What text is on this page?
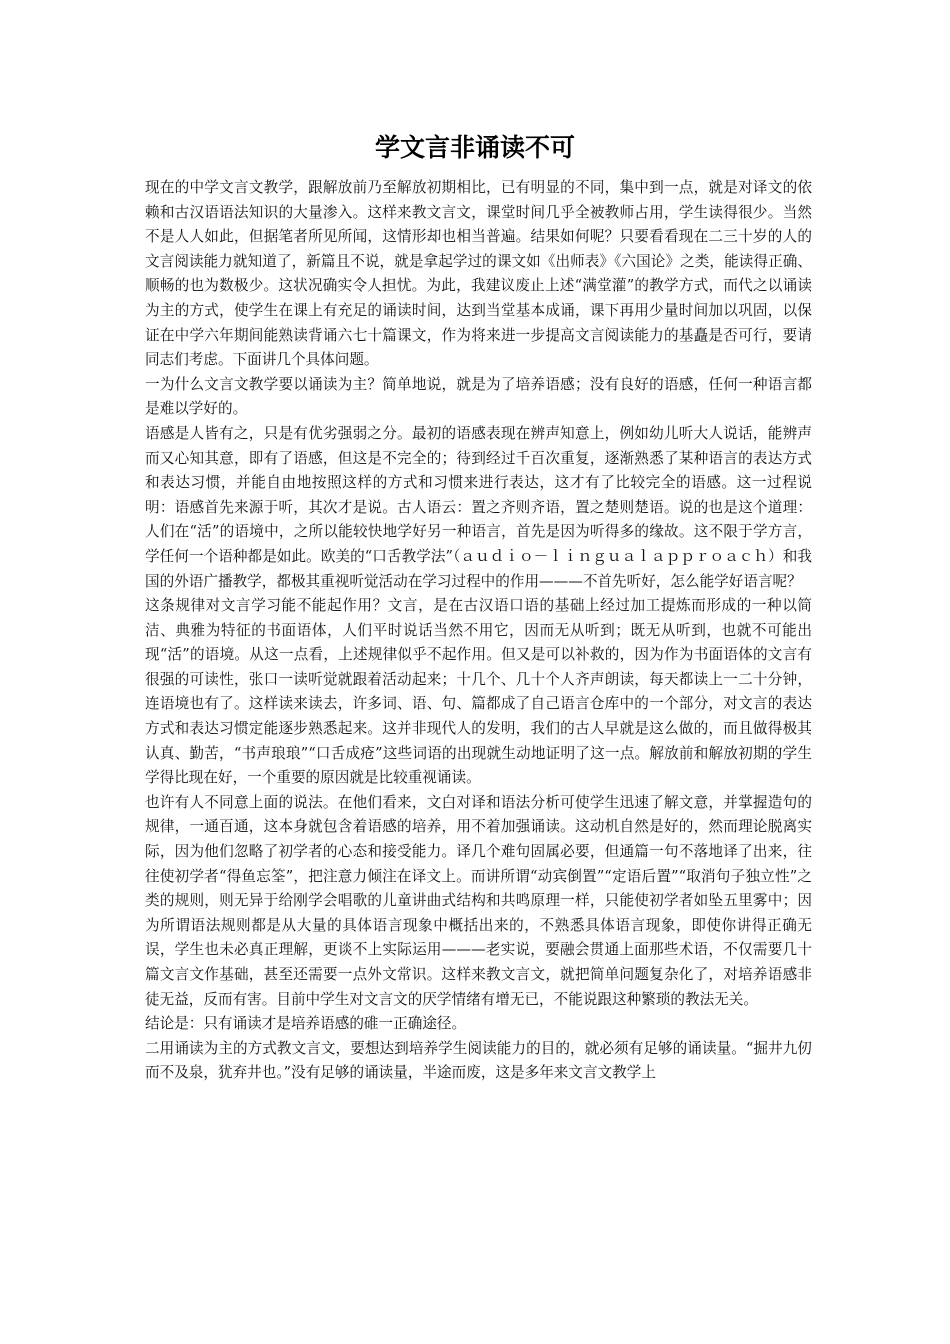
学文言非诵读不可

现在的中学文言文教学，跟解放前乃至解放初期相比，已有明显的不同，集中到一点，就是对译文的依赖和古汉语语法知识的大量渗入。这样来教文言文，课堂时间几乎全被教师占用，学生读得很少。当然不是人人如此，但据笔者所见所闻，这情形却也相当普遍。结果如何呢？只要看看现在二三十岁的人的文言阅读能力就知道了，新篇且不说，就是拿起学过的课文如《出师表》《六国论》之类，能读得正确、顺畅的也为数极少。这状况确实令人担忧。为此，我建议废止上述“满堂灌”的教学方式，而代之以诵读为主的方式，使学生在课上有充足的诵读时间，达到当堂基本成诵，课下再用少量时间加以巩固，以保证在中学六年期间能熟读背诵六七十篇课文，作为将来进一步提高文言阅读能力的基矗是否可行，要请同志们考虑。下面讲几个具体问题。

一为什么文言文教学要以诵读为主？简单地说，就是为了培养语感；没有良好的语感，任何一种语言都是难以学好的。

语感是人皆有之，只是有优劣强弱之分。最初的语感表现在辨声知意上，例如幼儿听大人说话，能辨声而又心知其意，即有了语感，但这是不完全的；待到经过千百次重复，逐渐熟悉了某种语言的表达方式和表达习惯，并能自由地按照这样的方式和习惯来进行表达，这才有了比较完全的语感。这一过程说明：语感首先来源于听，其次才是说。古人语云：置之齐则齐语，置之楚则楚语。说的也是这个道理：人们在“活”的语境中，之所以能较快地学好另一种语言，首先是因为听得多的缘故。这不限于学方言，学任何一个语种都是如此。欧美的“口舌教学法”（ａｕｄｉｏ－ｌｉｎｇｕａｌａｐｐｒｏａｃｈ）和我国的外语广播教学，都极其重视听觉活动在学习过程中的作用———不首先听好，怎么能学好语言呢？

这条规律对文言学习能不能起作用？文言，是在古汉语口语的基础上经过加工提炼而形成的一种以简洁、典雅为特征的书面语体，人们平时说话当然不用它，因而无从听到；既无从听到，也就不可能出现“活”的语境。从这一点看，上述规律似乎不起作用。但又是可以补救的，因为作为书面语体的文言有很强的可读性，张口一读听觉就跟着活动起来；十几个、几十个人齐声朗读，每天都读上一二十分钟，连语境也有了。这样读来读去，许多词、语、句、篇都成了自己语言仓库中的一个部分，对文言的表达方式和表达习惯定能逐步熟悉起来。这并非现代人的发明，我们的古人早就是这么做的，而且做得极其认真、勤苦，“书声琅琅”“口舌成疮”这些词语的出现就生动地证明了这一点。解放前和解放初期的学生学得比现在好，一个重要的原因就是比较重视诵读。

也许有人不同意上面的说法。在他们看来，文白对译和语法分析可使学生迅速了解文意，并掌握造句的规律，一通百通，这本身就包含着语感的培养，用不着加强诵读。这动机自然是好的，然而理论脱离实际，因为他们忽略了初学者的心态和接受能力。译几个难句固属必要，但通篇一句不落地译了出来，往往使初学者“得鱼忘筌”，把注意力倾注在译文上。而讲所谓“动宾倒置”“定语后置”“取消句子独立性”之类的规则，则无异于给刚学会唱歌的儿童讲曲式结构和共鸣原理一样，只能使初学者如坠五里雾中；因为所谓语法规则都是从大量的具体语言现象中概括出来的，不熟悉具体语言现象，即使你讲得正确无误，学生也未必真正理解，更谈不上实际运用———老实说，要融会贯通上面那些术语，不仅需要几十篇文言文作基础，甚至还需要一点外文常识。这样来教文言文，就把简单问题复杂化了，对培养语感非徒无益，反而有害。目前中学生对文言文的厌学情绪有增无已，不能说跟这种繁琐的教法无关。

结论是：只有诵读才是培养语感的碓一正确途径。

二用诵读为主的方式教文言文，要想达到培养学生阅读能力的目的，就必须有足够的诵读量。“掘井九仞而不及泉，犹弃井也。”没有足够的诵读量，半途而废，这是多年来文言文教学上
